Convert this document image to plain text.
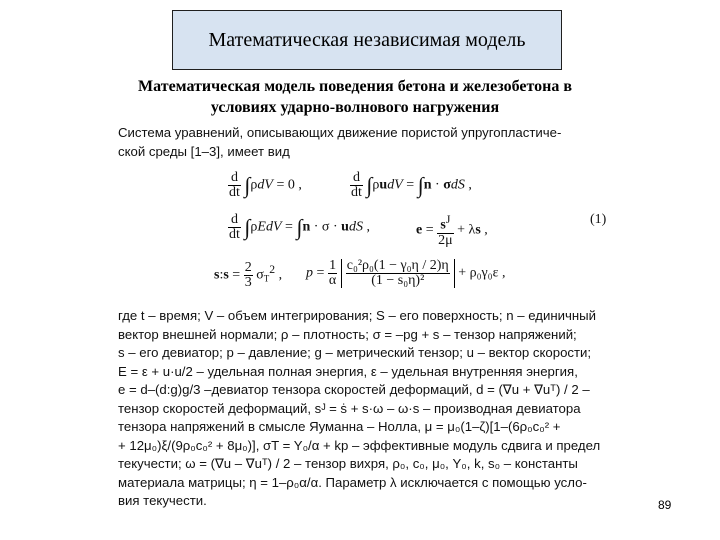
Математическая независимая модель
Математическая модель поведения бетона и железобетона в
условиях ударно-волнового нагружения

Система уравнений, описывающих движение пористой упругопластиче-

ской среды [1–3], имеет вид

$\frac{d}{dt} \int\rho dV = 0$ ,	$\frac{d}{dt} \int\rho udV = \int n \cdot \sigma dS$ ,
(1)
$\frac{d}{dt} \int\rho EdV = \int n \cdot \sigma$ · udS ,	$e = \frac{s^J}{2\mu} + \lambda s$ ,
s:s = $\frac{2}{3} \sigma_T^2$ , $p = \frac{1}{\alpha}$
$\frac{\text{c₀²ρ₀(1 − γ₀η / 2)η}}{\text{(1 − s₀η)²}} + \rho_0\gamma_0\varepsilon$ ,
где t – время; V – объем интегрирования; S – его поверхность; n – единичный
вектор внешней нормали; ρ – плотность; σ = –pg + s – тензор напряжений;
s – его девиатор; p – давление; g – метрический тензор; u – вектор скорости;
E = ε + u·u/2 – удельная полная энергия, ε – удельная внутренняя энергия,
e = d–(d:g)g/3 –девиатор тензора скоростей деформаций, d = (∇u + ∇uᵀ) / 2 –
тензор скоростей деформаций, sᴶ = ṡ + s·ω – ω·s – производная девиатора
тензора напряжений в смысле Яуманна – Нолла, μ = μ₀(1–ζ)[1–(6ρ₀c₀² +
+ 12μ₀)ξ/(9ρ₀c₀² + 8μ₀)], σT = Y₀/α + kp – эффективные модуль сдвига и предел
текучести; ω = (∇u – ∇uᵀ) / 2 – тензор вихря, ρ₀, c₀, μ₀, Y₀, k, s₀ – константы
материала матрицы; η = 1–ρ₀α/α. Параметр λ исключается с помощью усло-
вия текучести.	89
